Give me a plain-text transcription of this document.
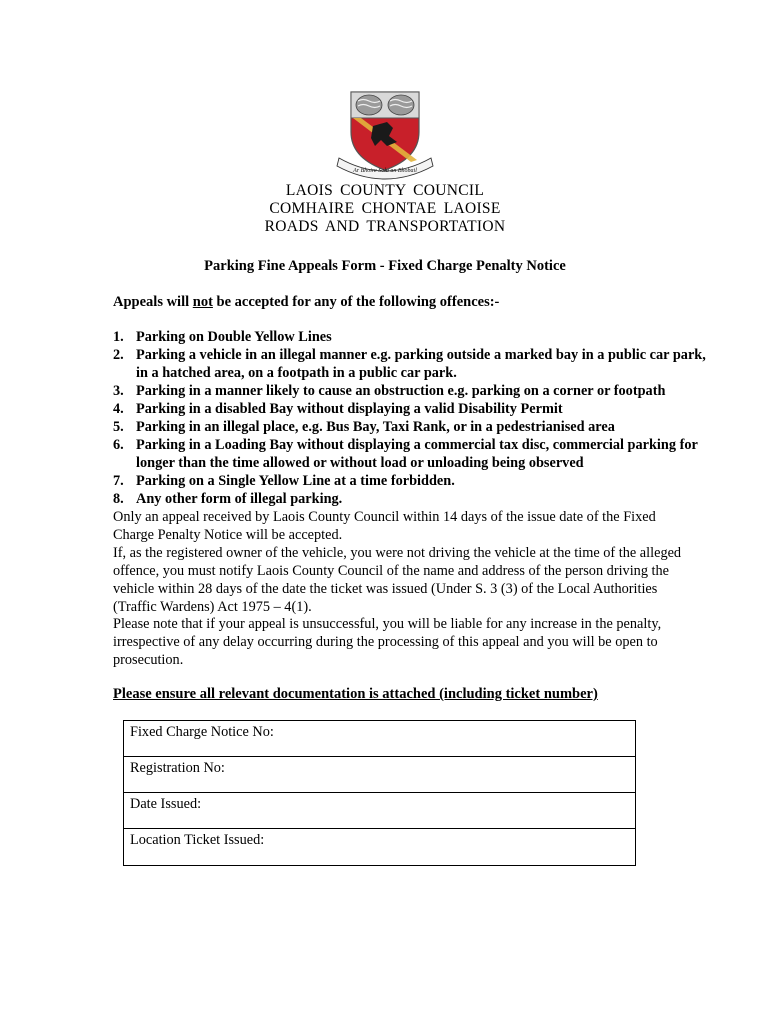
Ar Bhoire Sola an Bhobail
LAOIS COUNTY COUNCIL
COMHAIRE CHONTAE LAOISE
ROADS AND TRANSPORTATION
Parking Fine Appeals Form - Fixed Charge Penalty Notice
Appeals will not be accepted for any of the following offences:-
1. Parking on Double Yellow Lines
2. Parking a vehicle in an illegal manner e.g. parking outside a marked bay in a public car park, in a hatched area, on a footpath in a public car park.
3. Parking in a manner likely to cause an obstruction e.g. parking on a corner or footpath
4. Parking in a disabled Bay without displaying a valid Disability Permit
5. Parking in an illegal place, e.g. Bus Bay, Taxi Rank, or in a pedestrianised area
6. Parking in a Loading Bay without displaying a commercial tax disc, commercial parking for longer than the time allowed or without load or unloading being observed
7. Parking on a Single Yellow Line at a time forbidden.
8. Any other form of illegal parking.
Only an appeal received by Laois County Council within 14 days of the issue date of the Fixed Charge Penalty Notice will be accepted.
If, as the registered owner of the vehicle, you were not driving the vehicle at the time of the alleged offence, you must notify Laois County Council of the name and address of the person driving the vehicle within 28 days of the date the ticket was issued (Under S. 3 (3) of the Local Authorities (Traffic Wardens) Act 1975 – 4(1).
Please note that if your appeal is unsuccessful, you will be liable for any increase in the penalty, irrespective of any delay occurring during the processing of this appeal and you will be open to prosecution.
Please ensure all relevant documentation is attached (including ticket number)
Fixed Charge Notice No:
Registration No:
Date Issued:
Location Ticket Issued:
